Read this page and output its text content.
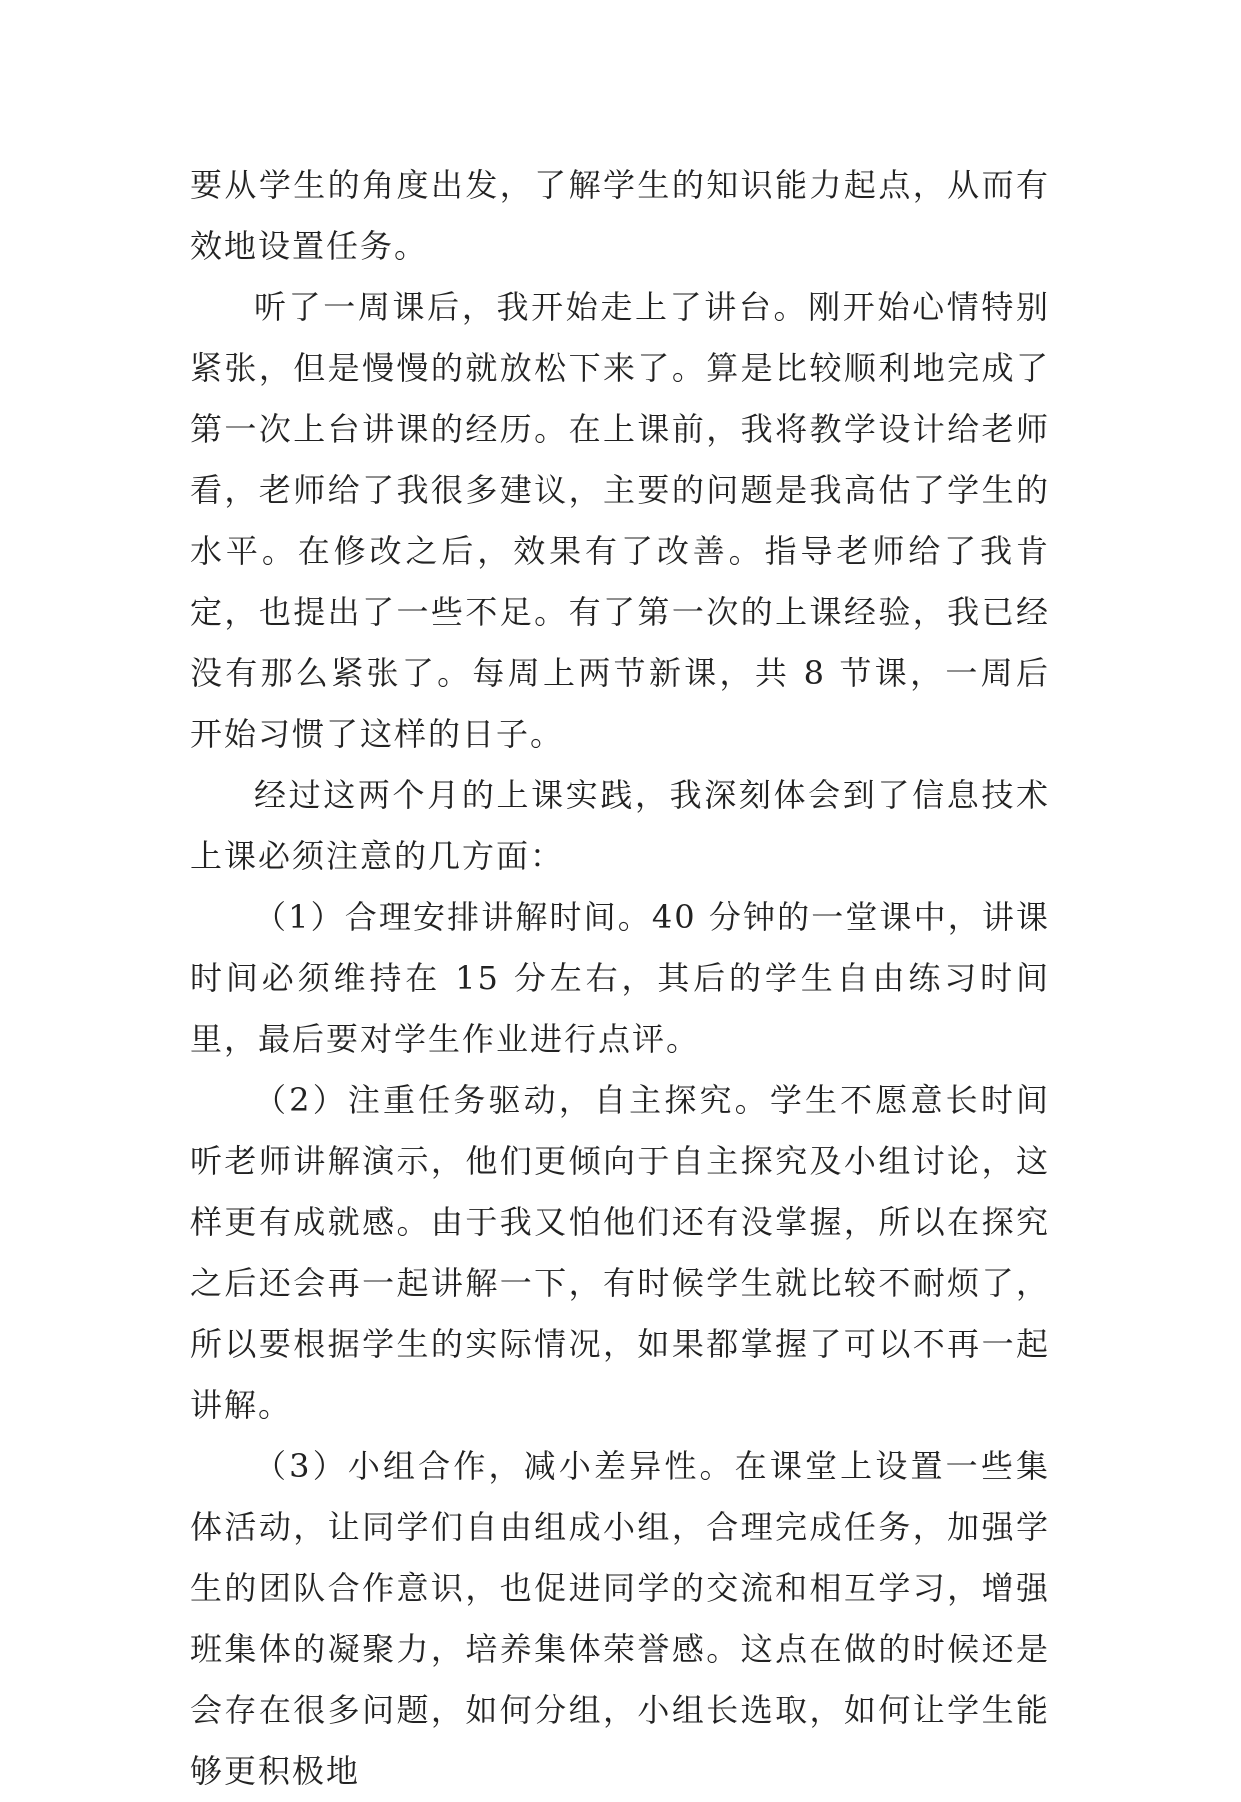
要从学生的角度出发，了解学生的知识能力起点，从而有效地设置任务。

听了一周课后，我开始走上了讲台。刚开始心情特别紧张，但是慢慢的就放松下来了。算是比较顺利地完成了第一次上台讲课的经历。在上课前，我将教学设计给老师看，老师给了我很多建议，主要的问题是我高估了学生的水平。在修改之后，效果有了改善。指导老师给了我肯定，也提出了一些不足。有了第一次的上课经验，我已经没有那么紧张了。每周上两节新课，共 8 节课，一周后开始习惯了这样的日子。

经过这两个月的上课实践，我深刻体会到了信息技术上课必须注意的几方面：

（1）合理安排讲解时间。40 分钟的一堂课中，讲课时间必须维持在 15 分左右，其后的学生自由练习时间里，最后要对学生作业进行点评。

（2）注重任务驱动，自主探究。学生不愿意长时间听老师讲解演示，他们更倾向于自主探究及小组讨论，这样更有成就感。由于我又怕他们还有没掌握，所以在探究之后还会再一起讲解一下，有时候学生就比较不耐烦了，所以要根据学生的实际情况，如果都掌握了可以不再一起讲解。

（3）小组合作，减小差异性。在课堂上设置一些集体活动，让同学们自由组成小组，合理完成任务，加强学生的团队合作意识，也促进同学的交流和相互学习，增强班集体的凝聚力，培养集体荣誉感。这点在做的时候还是会存在很多问题，如何分组，小组长选取，如何让学生能够更积极地
